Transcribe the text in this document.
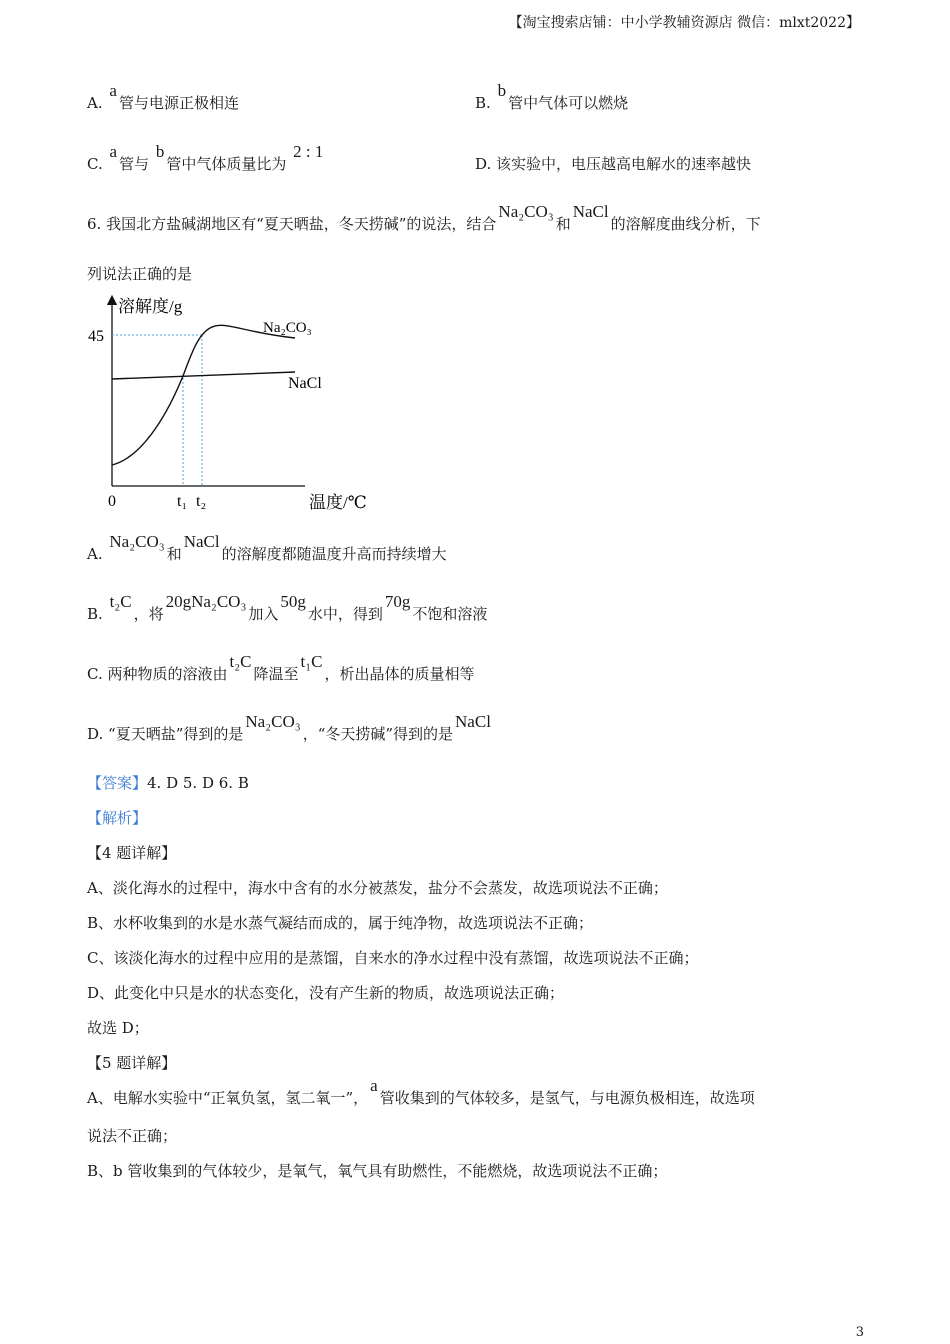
【淘宝搜索店铺：中小学教辅资源店 微信：mlxt2022】
A. a管与电源正极相连	B. b管中气体可以燃烧
C. a管与 b管中气体质量比为 2 : 1
D. 该实验中，电压越高电解水的速率越快
6. 我国北方盐碱湖地区有“夏天晒盐，冬天捞碱”的说法，结合Na₂CO₃和NaCl的溶解度曲线分析，下
列说法正确的是
溶解度/g
温度/℃
0
45
t₁ t₂
Na₂CO₃
NaCl
A. Na₂CO₃和NaCl的溶解度都随温度升高而持续增大
B. t₂C，将20gNa₂CO₃加入50g水中，得到70g不饱和溶液
C. 两种物质的溶液由t₂C降温至t₁C，析出晶体的质量相等
D. “夏天晒盐”得到的是Na₂CO₃，“冬天捞碱”得到的是NaCl
【答案】4. D 5. D 6. B
【解析】
【4 题详解】
A、淡化海水的过程中，海水中含有的水分被蒸发，盐分不会蒸发，故选项说法不正确；
B、水杯收集到的水是水蒸气凝结而成的，属于纯净物，故选项说法不正确；
C、该淡化海水的过程中应用的是蒸馏，自来水的净水过程中没有蒸馏，故选项说法不正确；
D、此变化中只是水的状态变化，没有产生新的物质，故选项说法正确；
故选 D；
【5 题详解】
A、电解水实验中“正氧负氢，氢二氧一”，a管收集到的气体较多，是氢气，与电源负极相连，故选项
说法不正确；
B、b 管收集到的气体较少，是氧气，氧气具有助燃性，不能燃烧，故选项说法不正确；
3
